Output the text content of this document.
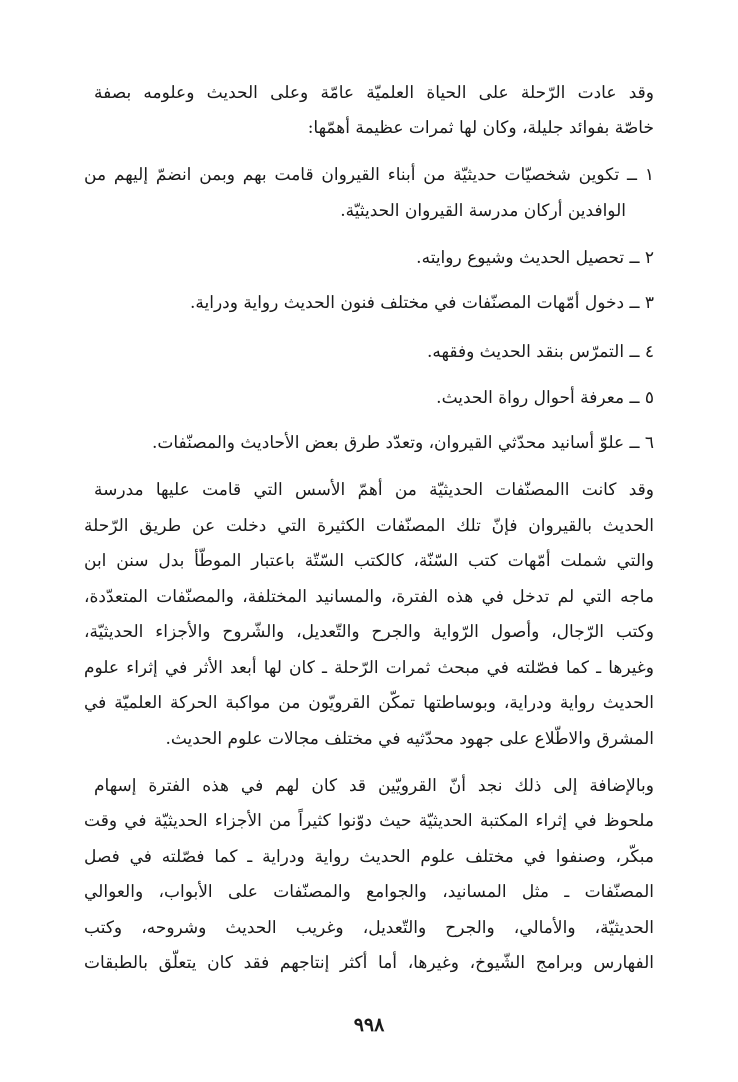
وقد عادت الرّحلة على الحياة العلميّة عامّة وعلى الحديث وعلومه بصفة
خاصّة بفوائد جليلة، وكان لها ثمرات عظيمة أهمّها:
١ ــ تكوين شخصيّات حديثيّة من أبناء القيروان قامت بهم وبمن انضمّ إليهم من
الوافدين أركان مدرسة القيروان الحديثيّة.
٢ ــ تحصيل الحديث وشيوع روايته.
٣ ــ دخول أمّهات المصنّفات في مختلف فنون الحديث رواية ودراية.
٤ ــ التمرّس بنقد الحديث وفقهه.
٥ ــ معرفة أحوال رواة الحديث.
٦ ــ علوّ أسانيد محدّثي القيروان، وتعدّد طرق بعض الأحاديث والمصنّفات.
وقد كانت االمصنّفات الحديثيّة من أهمّ الأسس التي قامت عليها مدرسة
الحديث بالقيروان فإنّ تلك المصنّفات الكثيرة التي دخلت عن طريق الرّحلة
والتي شملت أمّهات كتب السّنّة، كالكتب السّتّة باعتبار الموطّأ بدل سنن ابن
ماجه التي لم تدخل في هذه الفترة، والمسانيد المختلفة، والمصنّفات المتعدّدة،
وكتب الرّجال، وأصول الرّواية والجرح والتّعديل، والشّروح والأجزاء الحديثيّة،
وغيرها ـ كما فصّلته في مبحث ثمرات الرّحلة ـ كان لها أبعد الأثر في إثراء علوم
الحديث رواية ودراية، وبوساطتها تمكّن القرويّون من مواكبة الحركة العلميّة في
المشرق والاطّلاع على جهود محدّثيه في مختلف مجالات علوم الحديث.
وبالإضافة إلى ذلك نجد أنّ القرويّين قد كان لهم في هذه الفترة إسهام
ملحوظ في إثراء المكتبة الحديثيّة حيث دوّنوا كثيراً من الأجزاء الحديثيّة في وقت
مبكّر، وصنفوا في مختلف علوم الحديث رواية ودراية ـ كما فصّلته في فصل
المصنّفات ـ مثل المسانيد، والجوامع والمصنّفات على الأبواب، والعوالي
الحديثيّة، والأمالي، والجرح والتّعديل، وغريب الحديث وشروحه، وكتب
الفهارس وبرامج الشّيوخ، وغيرها، أما أكثر إنتاجهم فقد كان يتعلّق بالطبقات
٩٩٨
